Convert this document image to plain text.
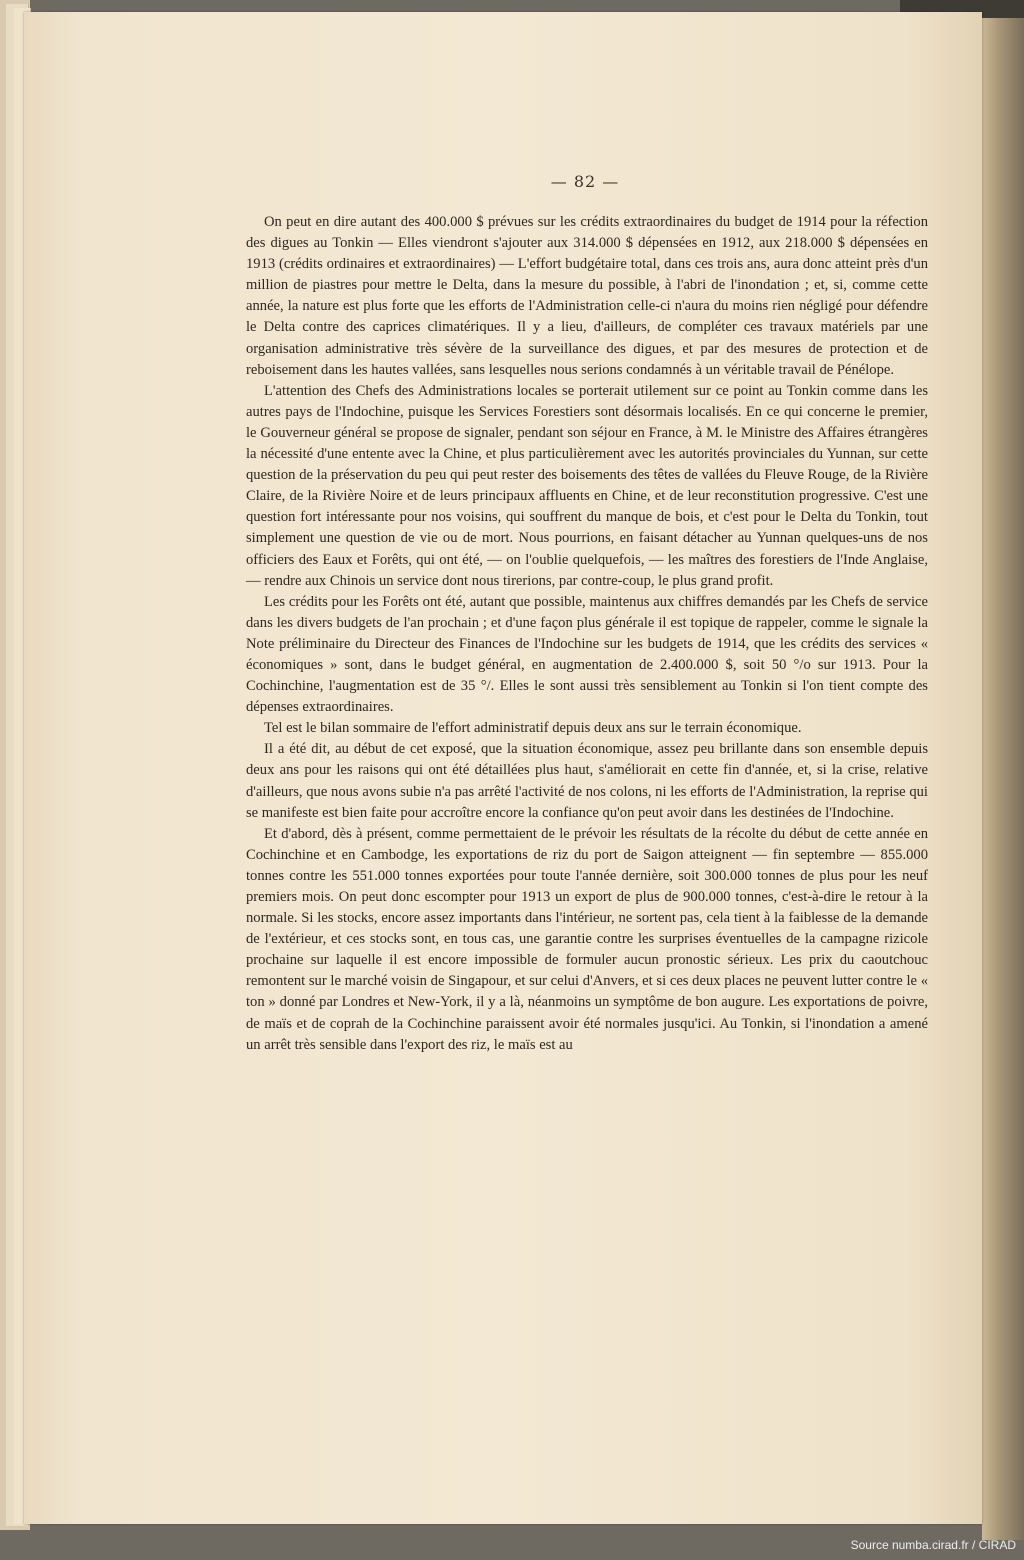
— 82 —

On peut en dire autant des 400.000 $ prévues sur les crédits extraordinaires du budget de 1914 pour la réfection des digues au Tonkin — Elles viendront s'ajouter aux 314.000 $ dépensées en 1912, aux 218.000 $ dépensées en 1913 (crédits ordinaires et extraordinaires) — L'effort budgétaire total, dans ces trois ans, aura donc atteint près d'un million de piastres pour mettre le Delta, dans la mesure du possible, à l'abri de l'inondation ; et, si, comme cette année, la nature est plus forte que les efforts de l'Administration celle-ci n'aura du moins rien négligé pour défendre le Delta contre des caprices climatériques. Il y a lieu, d'ailleurs, de compléter ces travaux matériels par une organisation administrative très sévère de la surveillance des digues, et par des mesures de protection et de reboisement dans les hautes vallées, sans lesquelles nous serions condamnés à un véritable travail de Pénélope.

L'attention des Chefs des Administrations locales se porterait utilement sur ce point au Tonkin comme dans les autres pays de l'Indochine, puisque les Services Forestiers sont désormais localisés. En ce qui concerne le premier, le Gouverneur général se propose de signaler, pendant son séjour en France, à M. le Ministre des Affaires étrangères la nécessité d'une entente avec la Chine, et plus particulièrement avec les autorités provinciales du Yunnan, sur cette question de la préservation du peu qui peut rester des boisements des têtes de vallées du Fleuve Rouge, de la Rivière Claire, de la Rivière Noire et de leurs principaux affluents en Chine, et de leur reconstitution progressive. C'est une question fort intéressante pour nos voisins, qui souffrent du manque de bois, et c'est pour le Delta du Tonkin, tout simplement une question de vie ou de mort. Nous pourrions, en faisant détacher au Yunnan quelques-uns de nos officiers des Eaux et Forêts, qui ont été, — on l'oublie quelquefois, — les maîtres des forestiers de l'Inde Anglaise, — rendre aux Chinois un service dont nous tirerions, par contre-coup, le plus grand profit.

Les crédits pour les Forêts ont été, autant que possible, maintenus aux chiffres demandés par les Chefs de service dans les divers budgets de l'an prochain ; et d'une façon plus générale il est topique de rappeler, comme le signale la Note préliminaire du Directeur des Finances de l'Indochine sur les budgets de 1914, que les crédits des services « économiques » sont, dans le budget général, en augmentation de 2.400.000 $, soit 50 °/o sur 1913. Pour la Cochinchine, l'augmentation est de 35 °/. Elles le sont aussi très sensiblement au Tonkin si l'on tient compte des dépenses extraordinaires.

Tel est le bilan sommaire de l'effort administratif depuis deux ans sur le terrain économique.

Il a été dit, au début de cet exposé, que la situation économique, assez peu brillante dans son ensemble depuis deux ans pour les raisons qui ont été détaillées plus haut, s'améliorait en cette fin d'année, et, si la crise, relative d'ailleurs, que nous avons subie n'a pas arrêté l'activité de nos colons, ni les efforts de l'Administration, la reprise qui se manifeste est bien faite pour accroître encore la confiance qu'on peut avoir dans les destinées de l'Indochine.

Et d'abord, dès à présent, comme permettaient de le prévoir les résultats de la récolte du début de cette année en Cochinchine et en Cambodge, les exportations de riz du port de Saigon atteignent — fin septembre — 855.000 tonnes contre les 551.000 tonnes exportées pour toute l'année dernière, soit 300.000 tonnes de plus pour les neuf premiers mois. On peut donc escompter pour 1913 un export de plus de 900.000 tonnes, c'est-à-dire le retour à la normale. Si les stocks, encore assez importants dans l'intérieur, ne sortent pas, cela tient à la faiblesse de la demande de l'extérieur, et ces stocks sont, en tous cas, une garantie contre les surprises éventuelles de la campagne rizicole prochaine sur laquelle il est encore impossible de formuler aucun pronostic sérieux. Les prix du caoutchouc remontent sur le marché voisin de Singapour, et sur celui d'Anvers, et si ces deux places ne peuvent lutter contre le « ton » donné par Londres et New-York, il y a là, néanmoins un symptôme de bon augure. Les exportations de poivre, de maïs et de coprah de la Cochinchine paraissent avoir été normales jusqu'ici. Au Tonkin, si l'inondation a amené un arrêt très sensible dans l'export des riz, le maïs est au

Source numba.cirad.fr / CIRAD
